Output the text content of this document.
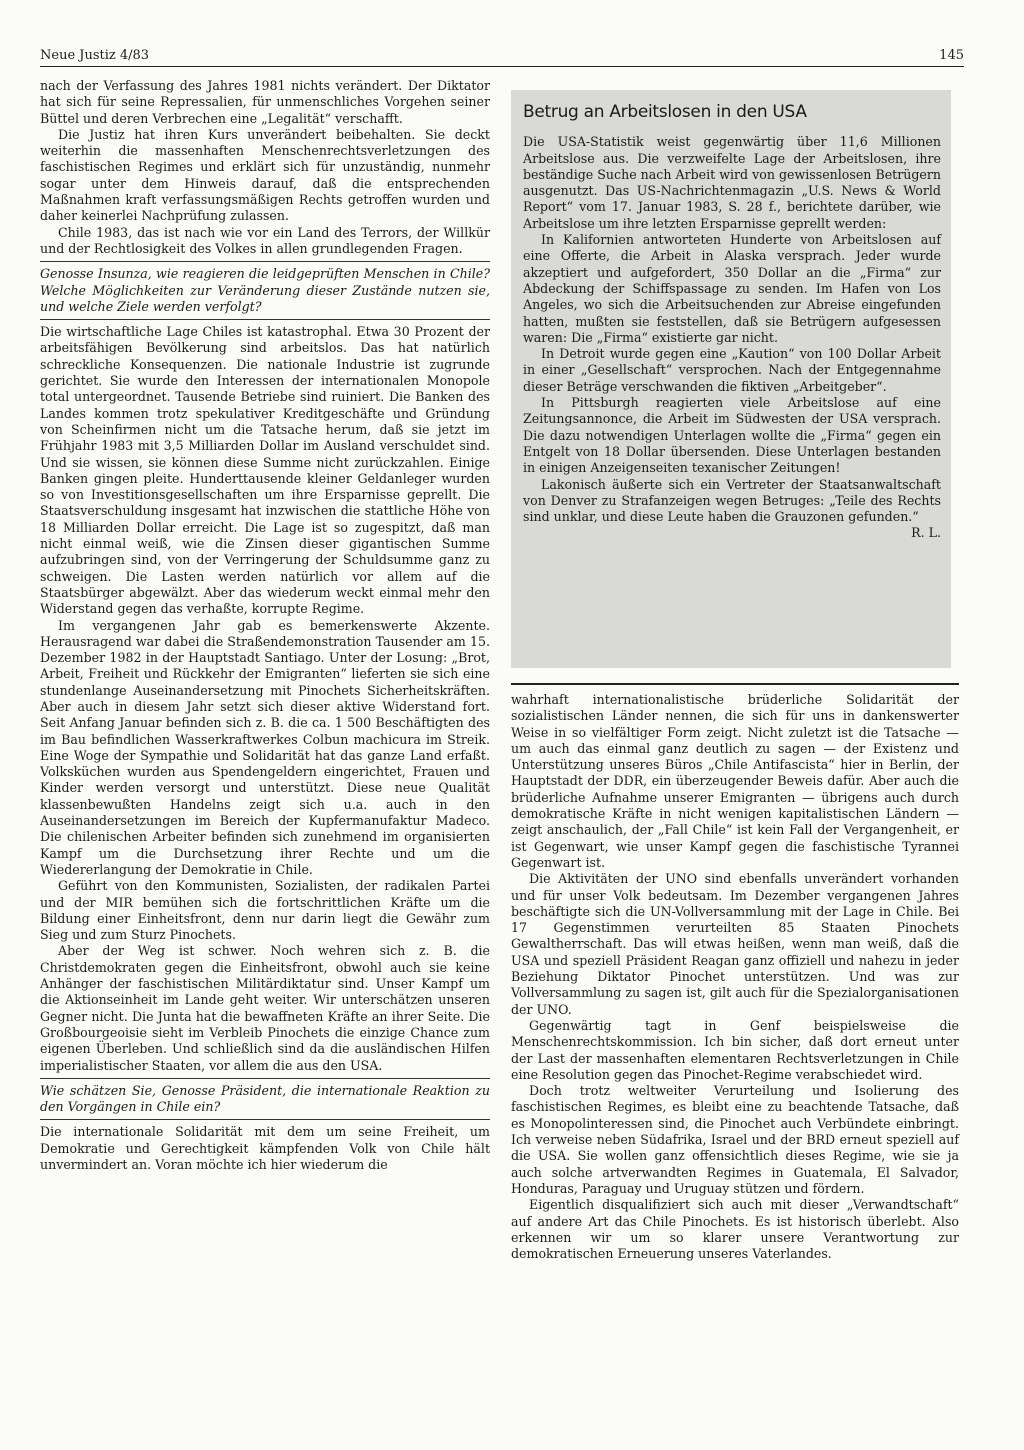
Neue Justiz 4/83	145

nach der Verfassung des Jahres 1981 nichts verändert. Der Diktator hat sich für seine Repressalien, für unmenschliches Vorgehen seiner Büttel und deren Verbrechen eine „Legalität“ verschafft.

Die Justiz hat ihren Kurs unverändert beibehalten. Sie deckt weiterhin die massenhaften Menschenrechtsverletzungen des faschistischen Regimes und erklärt sich für unzuständig, nunmehr sogar unter dem Hinweis darauf, daß die entsprechenden Maßnahmen kraft verfassungsmäßigen Rechts getroffen wurden und daher keinerlei Nachprüfung zulassen.

Chile 1983, das ist nach wie vor ein Land des Terrors, der Willkür und der Rechtlosigkeit des Volkes in allen grundlegenden Fragen.

Genosse Insunza, wie reagieren die leidgeprüften Menschen in Chile? Welche Möglichkeiten zur Veränderung dieser Zustände nutzen sie, und welche Ziele werden verfolgt?

Die wirtschaftliche Lage Chiles ist katastrophal. Etwa 30 Prozent der arbeitsfähigen Bevölkerung sind arbeitslos. Das hat natürlich schreckliche Konsequenzen. Die nationale Industrie ist zugrunde gerichtet. Sie wurde den Interessen der internationalen Monopole total untergeordnet. Tausende Betriebe sind ruiniert. Die Banken des Landes kommen trotz spekulativer Kreditgeschäfte und Gründung von Scheinfirmen nicht um die Tatsache herum, daß sie jetzt im Frühjahr 1983 mit 3,5 Milliarden Dollar im Ausland verschuldet sind. Und sie wissen, sie können diese Summe nicht zurückzahlen. Einige Banken gingen pleite. Hunderttausende kleiner Geldanleger wurden so von Investitionsgesellschaften um ihre Ersparnisse geprellt. Die Staatsverschuldung insgesamt hat inzwischen die stattliche Höhe von 18 Milliarden Dollar erreicht. Die Lage ist so zugespitzt, daß man nicht einmal weiß, wie die Zinsen dieser gigantischen Summe aufzubringen sind, von der Verringerung der Schuldsumme ganz zu schweigen. Die Lasten werden natürlich vor allem auf die Staatsbürger abgewälzt. Aber das wiederum weckt einmal mehr den Widerstand gegen das verhaßte, korrupte Regime.

Im vergangenen Jahr gab es bemerkenswerte Akzente. Herausragend war dabei die Straßendemonstration Tausender am 15. Dezember 1982 in der Hauptstadt Santiago. Unter der Losung: „Brot, Arbeit, Freiheit und Rückkehr der Emigranten“ lieferten sie sich eine stundenlange Auseinandersetzung mit Pinochets Sicherheitskräften. Aber auch in diesem Jahr setzt sich dieser aktive Widerstand fort. Seit Anfang Januar befinden sich z. B. die ca. 1 500 Beschäftigten des im Bau befindlichen Wasserkraftwerkes Colbun machicura im Streik. Eine Woge der Sympathie und Solidarität hat das ganze Land erfaßt. Volksküchen wurden aus Spendengeldern eingerichtet, Frauen und Kinder werden versorgt und unterstützt. Diese neue Qualität klassenbewußten Handelns zeigt sich u.a. auch in den Auseinandersetzungen im Bereich der Kupfermanufaktur Madeco. Die chilenischen Arbeiter befinden sich zunehmend im organisierten Kampf um die Durchsetzung ihrer Rechte und um die Wiedererlangung der Demokratie in Chile.

Geführt von den Kommunisten, Sozialisten, der radikalen Partei und der MIR bemühen sich die fortschrittlichen Kräfte um die Bildung einer Einheitsfront, denn nur darin liegt die Gewähr zum Sieg und zum Sturz Pinochets.

Aber der Weg ist schwer. Noch wehren sich z. B. die Christdemokraten gegen die Einheitsfront, obwohl auch sie keine Anhänger der faschistischen Militärdiktatur sind. Unser Kampf um die Aktionseinheit im Lande geht weiter. Wir unterschätzen unseren Gegner nicht. Die Junta hat die bewaffneten Kräfte an ihrer Seite. Die Großbourgeoisie sieht im Verbleib Pinochets die einzige Chance zum eigenen Überleben. Und schließlich sind da die ausländischen Hilfen imperialistischer Staaten, vor allem die aus den USA.

Wie schätzen Sie, Genosse Präsident, die internationale Reaktion zu den Vorgängen in Chile ein?

Die internationale Solidarität mit dem um seine Freiheit, um Demokratie und Gerechtigkeit kämpfenden Volk von Chile hält unvermindert an. Voran möchte ich hier wiederum die

Betrug an Arbeitslosen in den USA

Die USA-Statistik weist gegenwärtig über 11,6 Millionen Arbeitslose aus. Die verzweifelte Lage der Arbeitslosen, ihre beständige Suche nach Arbeit wird von gewissenlosen Betrügern ausgenutzt. Das US-Nachrichtenmagazin „U.S. News & World Report“ vom 17. Januar 1983, S. 28 f., berichtete darüber, wie Arbeitslose um ihre letzten Ersparnisse geprellt werden:

In Kalifornien antworteten Hunderte von Arbeitslosen auf eine Offerte, die Arbeit in Alaska versprach. Jeder wurde akzeptiert und aufgefordert, 350 Dollar an die „Firma“ zur Abdeckung der Schiffspassage zu senden. Im Hafen von Los Angeles, wo sich die Arbeitsuchenden zur Abreise eingefunden hatten, mußten sie feststellen, daß sie Betrügern aufgesessen waren: Die „Firma“ existierte gar nicht.

In Detroit wurde gegen eine „Kaution“ von 100 Dollar Arbeit in einer „Gesellschaft“ versprochen. Nach der Entgegennahme dieser Beträge verschwanden die fiktiven „Arbeitgeber“.

In Pittsburgh reagierten viele Arbeitslose auf eine Zeitungsannonce, die Arbeit im Südwesten der USA versprach. Die dazu notwendigen Unterlagen wollte die „Firma“ gegen ein Entgelt von 18 Dollar übersenden. Diese Unterlagen bestanden in einigen Anzeigenseiten texanischer Zeitungen!

Lakonisch äußerte sich ein Vertreter der Staatsanwaltschaft von Denver zu Strafanzeigen wegen Betruges: „Teile des Rechts sind unklar, und diese Leute haben die Grauzonen gefunden.“
R. L.

wahrhaft internationalistische brüderliche Solidarität der sozialistischen Länder nennen, die sich für uns in dankenswerter Weise in so vielfältiger Form zeigt. Nicht zuletzt ist die Tatsache — um auch das einmal ganz deutlich zu sagen — der Existenz und Unterstützung unseres Büros „Chile Antifascista“ hier in Berlin, der Hauptstadt der DDR, ein überzeugender Beweis dafür. Aber auch die brüderliche Aufnahme unserer Emigranten — übrigens auch durch demokratische Kräfte in nicht wenigen kapitalistischen Ländern — zeigt anschaulich, der „Fall Chile“ ist kein Fall der Vergangenheit, er ist Gegenwart, wie unser Kampf gegen die faschistische Tyrannei Gegenwart ist.

Die Aktivitäten der UNO sind ebenfalls unverändert vorhanden und für unser Volk bedeutsam. Im Dezember vergangenen Jahres beschäftigte sich die UN-Vollversammlung mit der Lage in Chile. Bei 17 Gegenstimmen verurteilten 85 Staaten Pinochets Gewaltherrschaft. Das will etwas heißen, wenn man weiß, daß die USA und speziell Präsident Reagan ganz offiziell und nahezu in jeder Beziehung Diktator Pinochet unterstützen. Und was zur Vollversammlung zu sagen ist, gilt auch für die Spezialorganisationen der UNO.

Gegenwärtig tagt in Genf beispielsweise die Menschenrechtskommission. Ich bin sicher, daß dort erneut unter der Last der massenhaften elementaren Rechtsverletzungen in Chile eine Resolution gegen das Pinochet-Regime verabschiedet wird.

Doch trotz weltweiter Verurteilung und Isolierung des faschistischen Regimes, es bleibt eine zu beachtende Tatsache, daß es Monopolinteressen sind, die Pinochet auch Verbündete einbringt. Ich verweise neben Südafrika, Israel und der BRD erneut speziell auf die USA. Sie wollen ganz offensichtlich dieses Regime, wie sie ja auch solche artverwandten Regimes in Guatemala, El Salvador, Honduras, Paraguay und Uruguay stützen und fördern.

Eigentlich disqualifiziert sich auch mit dieser „Verwandtschaft“ auf andere Art das Chile Pinochets. Es ist historisch überlebt. Also erkennen wir um so klarer unsere Verantwortung zur demokratischen Erneuerung unseres Vaterlandes.
